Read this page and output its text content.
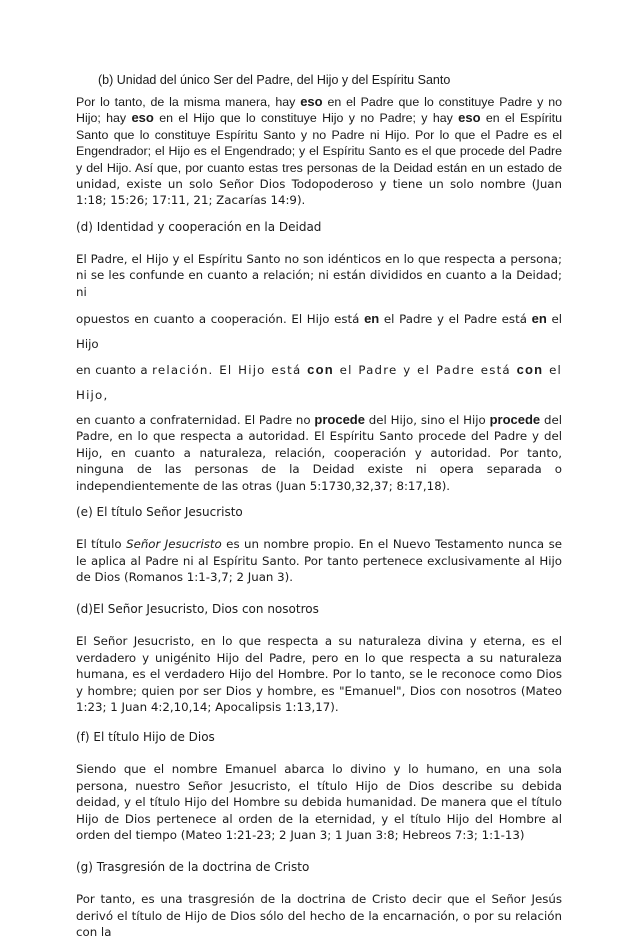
(b) Unidad del único Ser del Padre, del Hijo y del Espíritu Santo

Por lo tanto, de la misma manera, hay eso en el Padre que lo constituye Padre y no Hijo; hay eso en el Hijo que lo constituye Hijo y no Padre; y hay eso en el Espíritu Santo que lo constituye Espíritu Santo y no Padre ni Hijo. Por lo que el Padre es el Engendrador; el Hijo es el Engendrado; y el Espíritu Santo es el que procede del Padre y del Hijo. Así que, por cuanto estas tres personas de la Deidad están en un estado de unidad, existe un solo Señor Dios Todopoderoso y tiene un solo nombre (Juan 1:18; 15:26; 17:11, 21; Zacarías 14:9).

(d) Identidad y cooperación en la Deidad

El Padre, el Hijo y el Espíritu Santo no son idénticos en lo que respecta a persona; ni se les confunde en cuanto a relación; ni están divididos en cuanto a la Deidad; ni

opuestos en cuanto a cooperación. El Hijo está en el Padre y el Padre está en el Hijo

en cuanto a relación. El Hijo está con el Padre y el Padre está con el Hijo,

en cuanto a confraternidad. El Padre no procede del Hijo, sino el Hijo procede del Padre, en lo que respecta a autoridad. El Espíritu Santo procede del Padre y del Hijo, en cuanto a naturaleza, relación, cooperación y autoridad. Por tanto, ninguna de las personas de la Deidad existe ni opera separada o independientemente de las otras (Juan 5:1730,32,37; 8:17,18).

(e) El título Señor Jesucristo

El título Señor Jesucristo es un nombre propio. En el Nuevo Testamento nunca se le aplica al Padre ni al Espíritu Santo. Por tanto pertenece exclusivamente al Hijo de Dios (Romanos 1:1-3,7; 2 Juan 3).

(d)El Señor Jesucristo, Dios con nosotros

El Señor Jesucristo, en lo que respecta a su naturaleza divina y eterna, es el verdadero y unigénito Hijo del Padre, pero en lo que respecta a su naturaleza humana, es el verdadero Hijo del Hombre. Por lo tanto, se le reconoce como Dios y hombre; quien por ser Dios y hombre, es "Emanuel", Dios con nosotros (Mateo 1:23; 1 Juan 4:2,10,14; Apocalipsis 1:13,17).

(f) El título Hijo de Dios

Siendo que el nombre Emanuel abarca lo divino y lo humano, en una sola persona, nuestro Señor Jesucristo, el título Hijo de Dios describe su debida deidad, y el título Hijo del Hombre su debida humanidad. De manera que el título Hijo de Dios pertenece al orden de la eternidad, y el título Hijo del Hombre al orden del tiempo (Mateo 1:21-23; 2 Juan 3; 1 Juan 3:8; Hebreos 7:3; 1:1-13)

(g) Trasgresión de la doctrina de Cristo

Por tanto, es una trasgresión de la doctrina de Cristo decir que el Señor Jesús derivó el título de Hijo de Dios sólo del hecho de la encarnación, o por su relación con la
